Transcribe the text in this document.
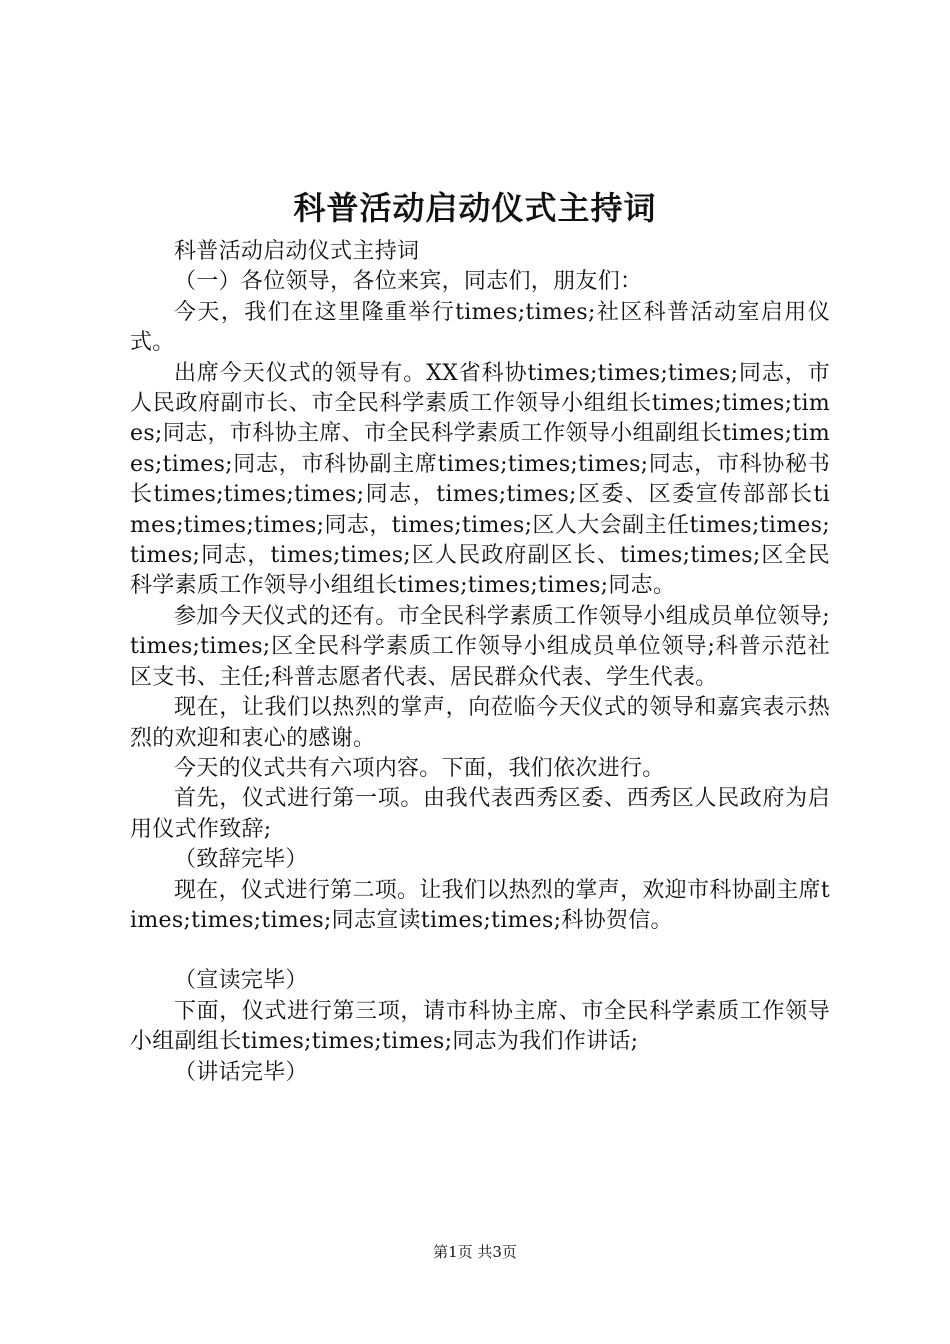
科普活动启动仪式主持词

科普活动启动仪式主持词

（一）各位领导，各位来宾，同志们，朋友们：

今天，我们在这里隆重举行times;times;社区科普活动室启用仪式。

出席今天仪式的领导有。XX省科协times;times;times;同志，市人民政府副市长、市全民科学素质工作领导小组组长times;times;times;同志，市科协主席、市全民科学素质工作领导小组副组长times;times;times;同志，市科协副主席times;times;times;同志，市科协秘书长times;times;times;同志，times;times;区委、区委宣传部部长times;times;times;同志，times;times;区人大会副主任times;times;times;同志，times;times;区人民政府副区长、times;times;区全民科学素质工作领导小组组长times;times;times;同志。

参加今天仪式的还有。市全民科学素质工作领导小组成员单位领导;times;times;区全民科学素质工作领导小组成员单位领导;科普示范社区支书、主任;科普志愿者代表、居民群众代表、学生代表。

现在，让我们以热烈的掌声，向莅临今天仪式的领导和嘉宾表示热烈的欢迎和衷心的感谢。

今天的仪式共有六项内容。下面，我们依次进行。

首先，仪式进行第一项。由我代表西秀区委、西秀区人民政府为启用仪式作致辞;

（致辞完毕）

现在，仪式进行第二项。让我们以热烈的掌声，欢迎市科协副主席times;times;times;同志宣读times;times;科协贺信。

（宣读完毕）

下面，仪式进行第三项，请市科协主席、市全民科学素质工作领导小组副组长times;times;times;同志为我们作讲话;

（讲话完毕）

第1页 共3页
